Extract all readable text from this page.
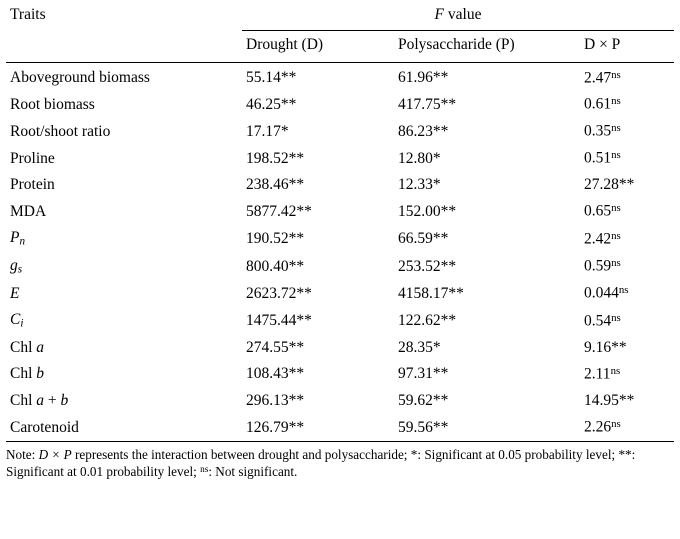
Traits	F value		
	Drought (D)	Polysaccharide (P)	D × P
Aboveground biomass	55.14**	61.96**	$2.47^{ns}$
Root biomass	46.25**	417.75**	$0.61^{ns}$
Root/shoot ratio	17.17*	86.23**	$0.35^{ns}$
Proline	198.52**	12.80*	$0.51^{ns}$
Protein	238.46**	12.33*	27.28**
MDA	5877.42**	152.00**	$0.65^{ns}$
$P_n$	190.52**	66.59**	$2.42^{ns}$
$g_s$	800.40**	253.52**	$0.59^{ns}$
E	2623.72**	4158.17**	$0.044^{ns}$
$C_i$	1475.44**	122.62**	$0.54^{ns}$
Chl a	274.55**	28.35*	9.16**
Chl b	108.43**	97.31**	$2.11^{ns}$
Chl a + b	296.13**	59.62**	14.95**
Carotenoid	126.79**	59.56**	$2.26^{ns}$
Note: D × P represents the interaction between drought and polysaccharide; *: Significant at 0.05 probability level; **: Significant at 0.01 probability level; $^{ns}$: Not significant.
